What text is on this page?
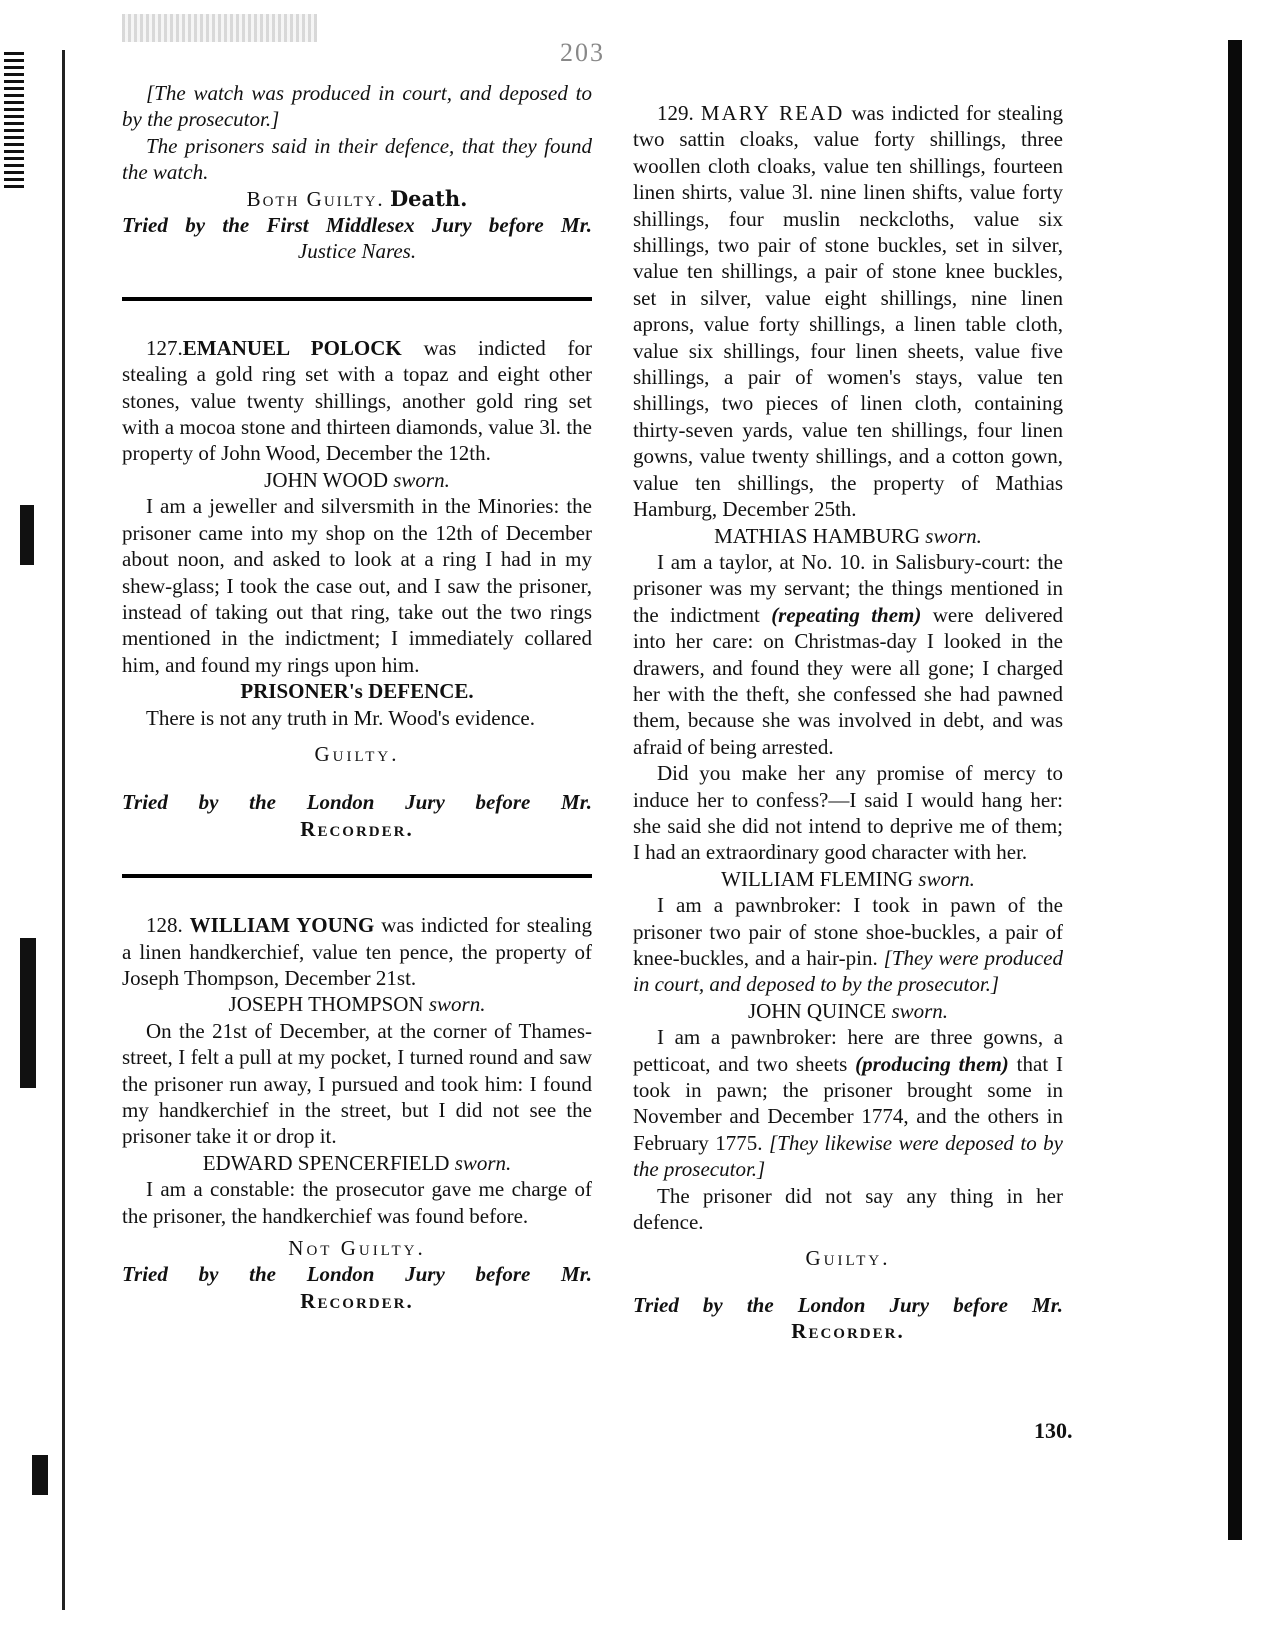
203

[The watch was produced in court, and deposed to by the prosecutor.]

The prisoners said in their defence, that they found the watch.

Both Guilty. Death.

Tried by the First Middlesex Jury before Mr.

Justice Nares.

127.EMANUEL POLOCK was indicted for stealing a gold ring set with a topaz and eight other stones, value twenty shillings, another gold ring set with a mocoa stone and thirteen diamonds, value 3l. the property of John Wood, December the 12th.

JOHN WOOD sworn.

I am a jeweller and silversmith in the Minories: the prisoner came into my shop on the 12th of December about noon, and asked to look at a ring I had in my shew-glass; I took the case out, and I saw the prisoner, instead of taking out that ring, take out the two rings mentioned in the indictment; I immediately collared him, and found my rings upon him.

PRISONER's DEFENCE.

There is not any truth in Mr. Wood's evidence.

Guilty.

Tried by the London Jury before Mr.

Recorder.

128. WILLIAM YOUNG was indicted for stealing a linen handkerchief, value ten pence, the property of Joseph Thompson, December 21st.

JOSEPH THOMPSON sworn.

On the 21st of December, at the corner of Thames-street, I felt a pull at my pocket, I turned round and saw the prisoner run away, I pursued and took him: I found my handkerchief in the street, but I did not see the prisoner take it or drop it.

EDWARD SPENCERFIELD sworn.

I am a constable: the prosecutor gave me charge of the prisoner, the handkerchief was found before.

Not Guilty.

Tried by the London Jury before Mr.

Recorder.

129. MARY READ was indicted for stealing two sattin cloaks, value forty shillings, three woollen cloth cloaks, value ten shillings, fourteen linen shirts, value 3l. nine linen shifts, value forty shillings, four muslin neckcloths, value six shillings, two pair of stone buckles, set in silver, value ten shillings, a pair of stone knee buckles, set in silver, value eight shillings, nine linen aprons, value forty shillings, a linen table cloth, value six shillings, four linen sheets, value five shillings, a pair of women's stays, value ten shillings, two pieces of linen cloth, containing thirty-seven yards, value ten shillings, four linen gowns, value twenty shillings, and a cotton gown, value ten shillings, the property of Mathias Hamburg, December 25th.

MATHIAS HAMBURG sworn.

I am a taylor, at No. 10. in Salisbury-court: the prisoner was my servant; the things mentioned in the indictment (repeating them) were delivered into her care: on Christmas-day I looked in the drawers, and found they were all gone; I charged her with the theft, she confessed she had pawned them, because she was involved in debt, and was afraid of being arrested.

Did you make her any promise of mercy to induce her to confess?—I said I would hang her: she said she did not intend to deprive me of them; I had an extraordinary good character with her.

WILLIAM FLEMING sworn.

I am a pawnbroker: I took in pawn of the prisoner two pair of stone shoe-buckles, a pair of knee-buckles, and a hair-pin. [They were produced in court, and deposed to by the prosecutor.]

JOHN QUINCE sworn.

I am a pawnbroker: here are three gowns, a petticoat, and two sheets (producing them) that I took in pawn; the prisoner brought some in November and December 1774, and the others in February 1775. [They likewise were deposed to by the prosecutor.]

The prisoner did not say any thing in her defence.

Guilty.

Tried by the London Jury before Mr.

Recorder.

130.
